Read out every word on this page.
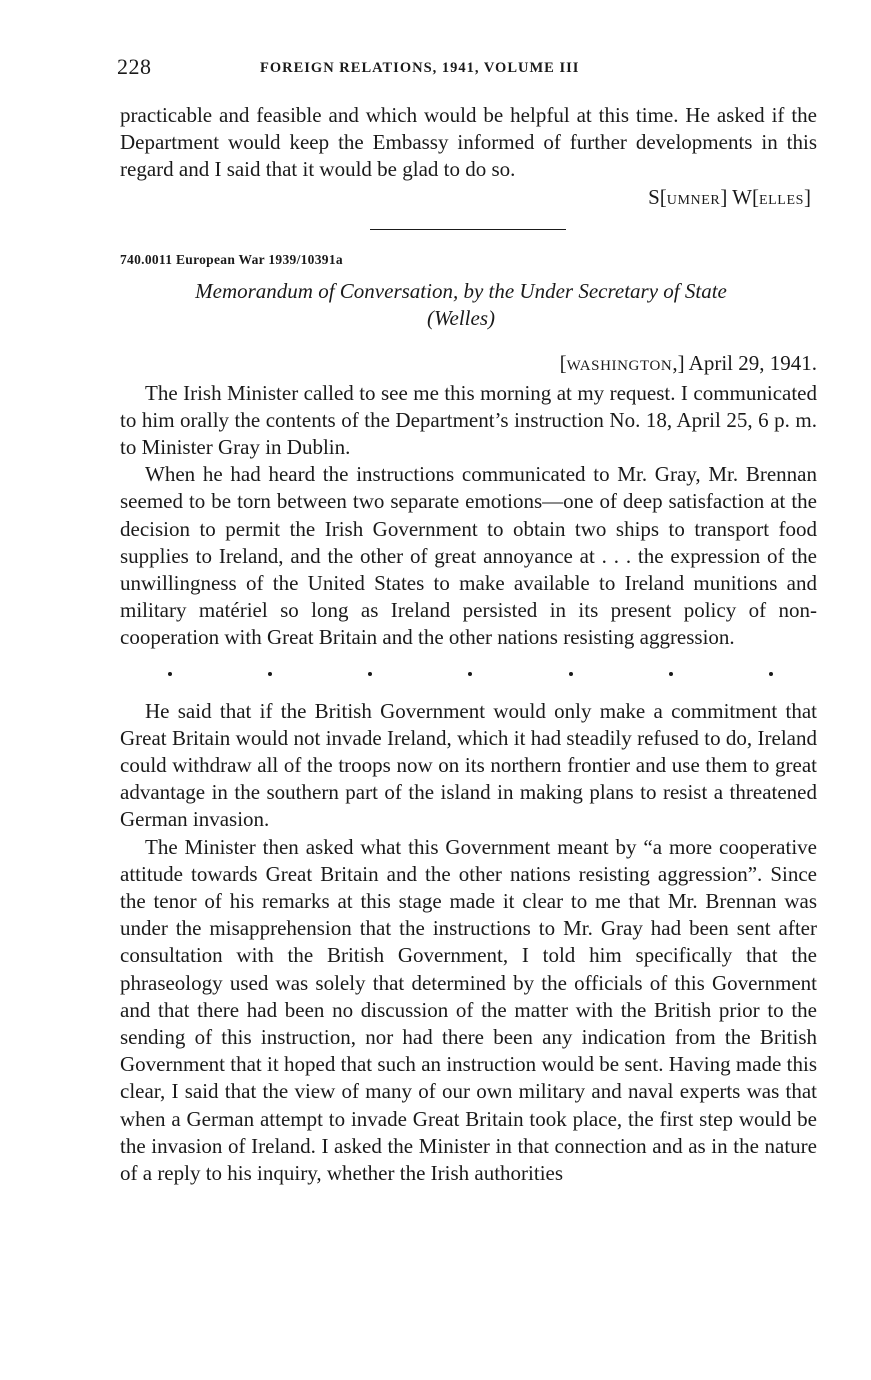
228	FOREIGN RELATIONS, 1941, VOLUME III

practicable and feasible and which would be helpful at this time. He asked if the Department would keep the Embassy informed of further developments in this regard and I said that it would be glad to do so.

S[UMNER] W[ELLES]
740.0011 European War 1939/10391a
Memorandum of Conversation, by the Under Secretary of State (Welles)
[WASHINGTON,] April 29, 1941.

The Irish Minister called to see me this morning at my request. I communicated to him orally the contents of the Department’s instruction No. 18, April 25, 6 p. m. to Minister Gray in Dublin.

When he had heard the instructions communicated to Mr. Gray, Mr. Brennan seemed to be torn between two separate emotions—one of deep satisfaction at the decision to permit the Irish Government to obtain two ships to transport food supplies to Ireland, and the other of great annoyance at . . . the expression of the unwillingness of the United States to make available to Ireland munitions and military matériel so long as Ireland persisted in its present policy of non-cooperation with Great Britain and the other nations resisting aggression.

He said that if the British Government would only make a commitment that Great Britain would not invade Ireland, which it had steadily refused to do, Ireland could withdraw all of the troops now on its northern frontier and use them to great advantage in the southern part of the island in making plans to resist a threatened German invasion.

The Minister then asked what this Government meant by “a more cooperative attitude towards Great Britain and the other nations resisting aggression”. Since the tenor of his remarks at this stage made it clear to me that Mr. Brennan was under the misapprehension that the instructions to Mr. Gray had been sent after consultation with the British Government, I told him specifically that the phraseology used was solely that determined by the officials of this Government and that there had been no discussion of the matter with the British prior to the sending of this instruction, nor had there been any indication from the British Government that it hoped that such an instruction would be sent. Having made this clear, I said that the view of many of our own military and naval experts was that when a German attempt to invade Great Britain took place, the first step would be the invasion of Ireland. I asked the Minister in that connection and as in the nature of a reply to his inquiry, whether the Irish authorities
